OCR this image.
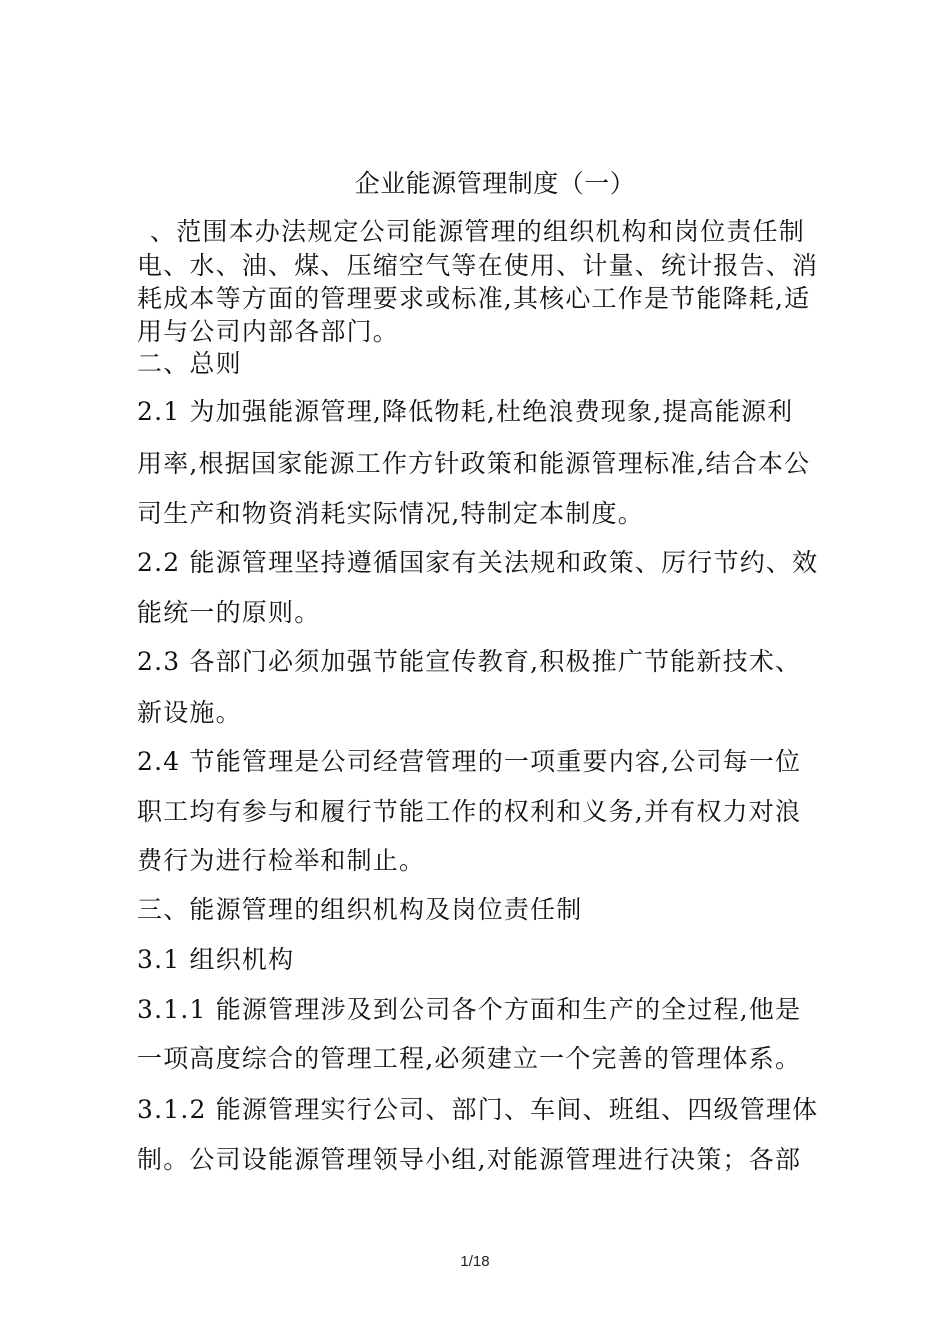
企业能源管理制度（一）
、范围本办法规定公司能源管理的组织机构和岗位责任制
电、水、油、煤、压缩空气等在使用、计量、统计报告、消
耗成本等方面的管理要求或标准,其核心工作是节能降耗,适
用与公司内部各部门。
二、总则
2.1 为加强能源管理,降低物耗,杜绝浪费现象,提高能源利
用率,根据国家能源工作方针政策和能源管理标准,结合本公
司生产和物资消耗实际情况,特制定本制度。
2.2 能源管理坚持遵循国家有关法规和政策、厉行节约、效
能统一的原则。
2.3 各部门必须加强节能宣传教育,积极推广节能新技术、
新设施。
2.4 节能管理是公司经营管理的一项重要内容,公司每一位
职工均有参与和履行节能工作的权利和义务,并有权力对浪
费行为进行检举和制止。
三、能源管理的组织机构及岗位责任制
3.1 组织机构
3.1.1 能源管理涉及到公司各个方面和生产的全过程,他是
一项高度综合的管理工程,必须建立一个完善的管理体系。
3.1.2 能源管理实行公司、部门、车间、班组、四级管理体
制。公司设能源管理领导小组,对能源管理进行决策；各部
1/18
